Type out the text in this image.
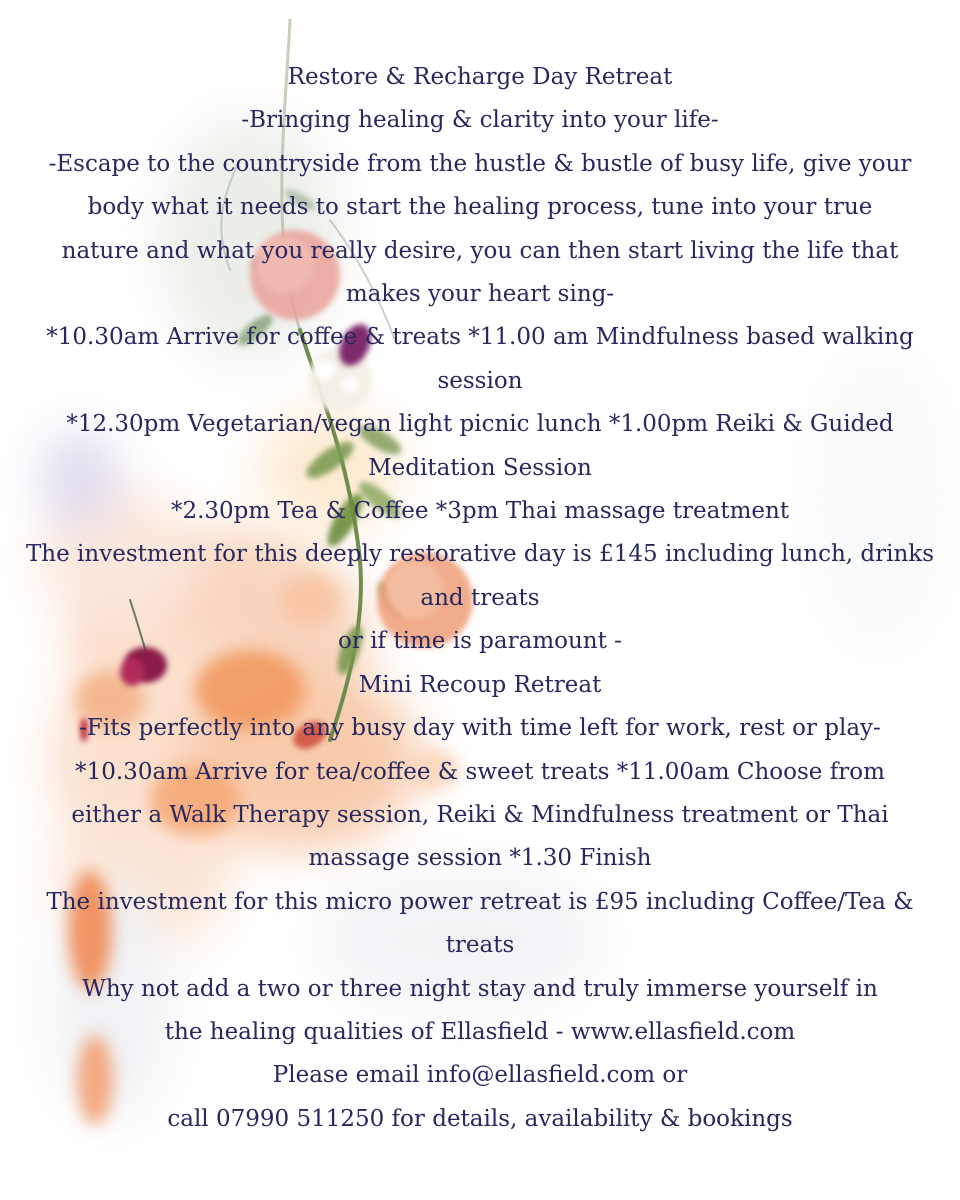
Restore & Recharge Day Retreat

-Bringing healing & clarity into your life-

-Escape to the countryside from the hustle & bustle of busy life, give your body what it needs to start the healing process, tune into your true nature and what you really desire, you can then start living the life that makes your heart sing-

*10.30am Arrive for coffee & treats *11.00 am Mindfulness based walking session

*12.30pm Vegetarian/vegan light picnic lunch *1.00pm Reiki & Guided Meditation Session

*2.30pm Tea & Coffee *3pm Thai massage treatment

The investment for this deeply restorative day is £145 including lunch, drinks and treats

or if time is paramount -

Mini Recoup Retreat

-Fits perfectly into any busy day with time left for work, rest or play-

*10.30am Arrive for tea/coffee & sweet treats *11.00am Choose from either a Walk Therapy session, Reiki & Mindfulness treatment or Thai massage session *1.30 Finish

The investment for this micro power retreat is £95 including Coffee/Tea & treats

Why not add a two or three night stay and truly immerse yourself in the healing qualities of Ellasfield - www.ellasfield.com

Please email info@ellasfield.com or

call 07990 511250 for details, availability & bookings
